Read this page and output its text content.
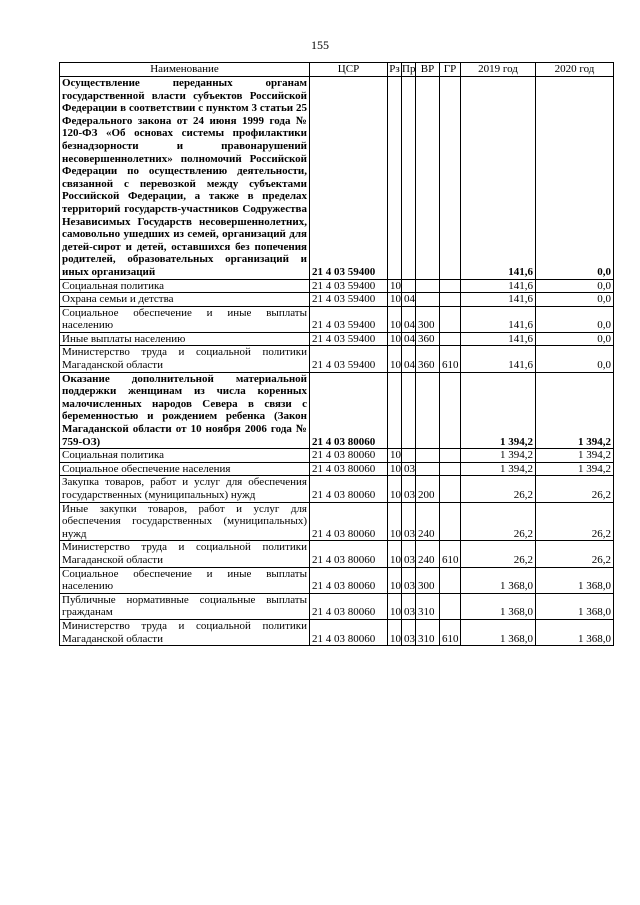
155
Наименование	ЦСР	Рз	Пр	ВР	ГР	2019 год	2020 год
Осуществление переданных органам государственной власти субъектов Российской Федерации в соответствии с пунктом 3 статьи 25 Федерального закона от 24 июня 1999 года № 120-ФЗ «Об основах системы профилактики безнадзорности и правонарушений несовершеннолетних» полномочий Российской Федерации по осуществлению деятельности, связанной с перевозкой между субъектами Российской Федерации, а также в пределах территорий государств-участников Содружества Независимых Государств несовершеннолетних, самовольно ушедших из семей, организаций для детей-сирот и детей, оставшихся без попечения родителей, образовательных организаций и иных организаций	21 4 03 59400					141,6	0,0
Социальная политика	21 4 03 59400	10				141,6	0,0
Охрана семьи и детства	21 4 03 59400	10	04			141,6	0,0
Социальное обеспечение и иные выплаты населению	21 4 03 59400	10	04	300		141,6	0,0
Иные выплаты населению	21 4 03 59400	10	04	360		141,6	0,0
Министерство труда и социальной политики Магаданской области	21 4 03 59400	10	04	360	610	141,6	0,0
Оказание дополнительной материальной поддержки женщинам из числа коренных малочисленных народов Севера в связи с беременностью и рождением ребенка (Закон Магаданской области от 10 ноября 2006 года № 759-ОЗ)	21 4 03 80060					1 394,2	1 394,2
Социальная политика	21 4 03 80060	10				1 394,2	1 394,2
Социальное обеспечение населения	21 4 03 80060	10	03			1 394,2	1 394,2
Закупка товаров, работ и услуг для обеспечения государственных (муниципальных) нужд	21 4 03 80060	10	03	200		26,2	26,2
Иные закупки товаров, работ и услуг для обеспечения государственных (муниципальных) нужд	21 4 03 80060	10	03	240		26,2	26,2
Министерство труда и социальной политики Магаданской области	21 4 03 80060	10	03	240	610	26,2	26,2
Социальное обеспечение и иные выплаты населению	21 4 03 80060	10	03	300		1 368,0	1 368,0
Публичные нормативные социальные выплаты гражданам	21 4 03 80060	10	03	310		1 368,0	1 368,0
Министерство труда и социальной политики Магаданской области	21 4 03 80060	10	03	310	610	1 368,0	1 368,0
